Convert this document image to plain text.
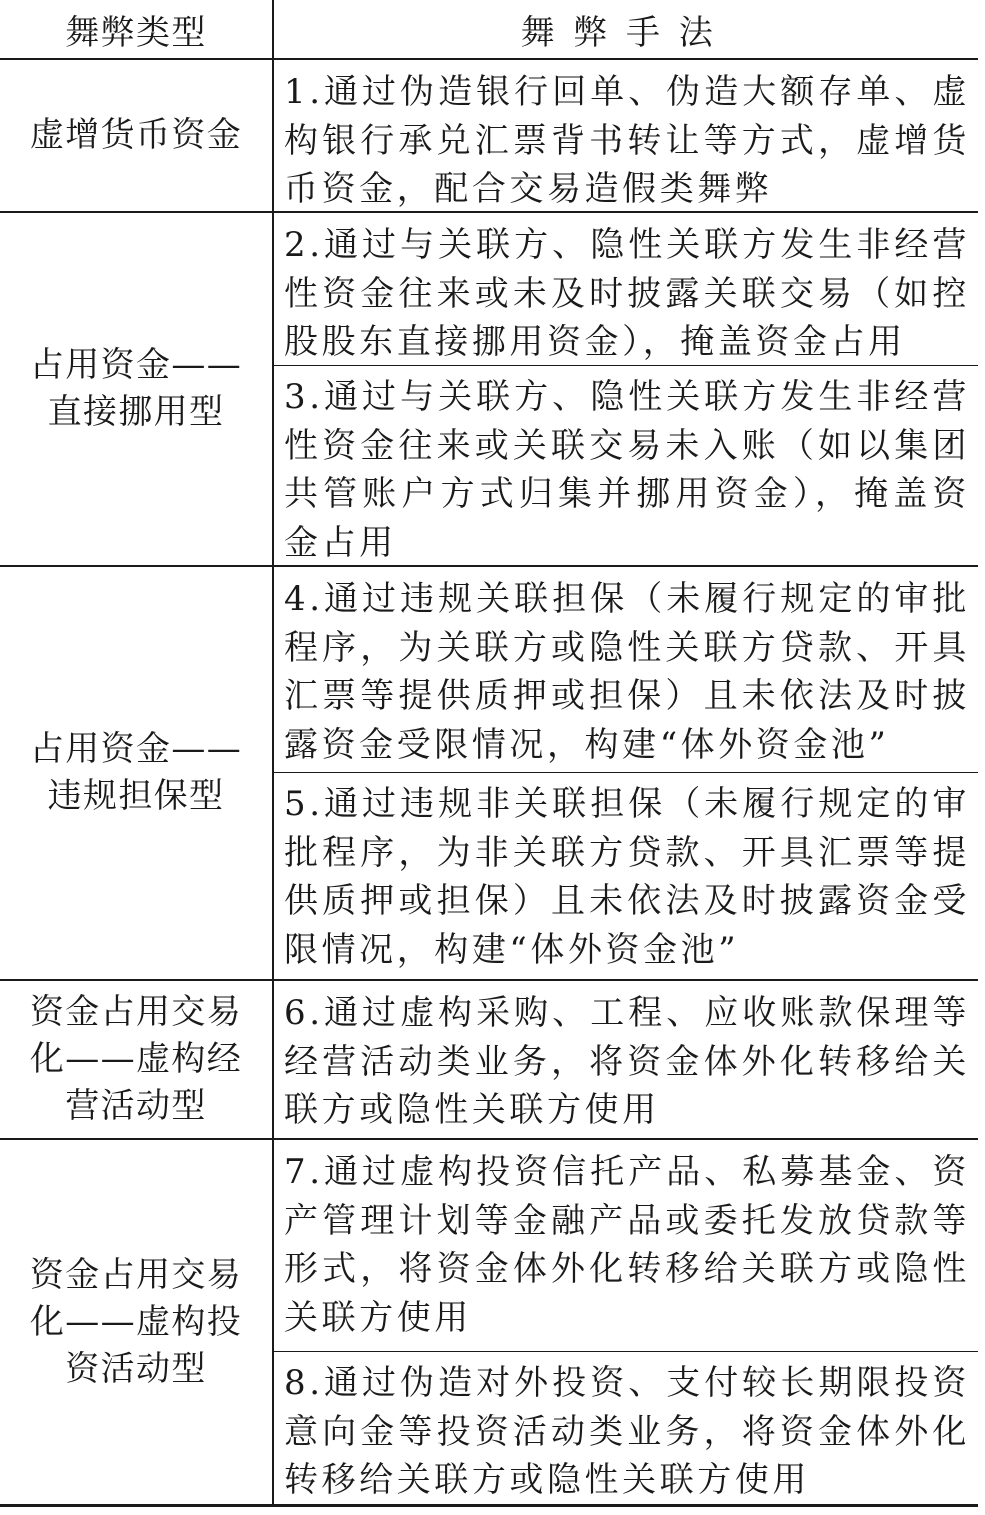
舞弊类型	舞弊手法
虚增货币资金
1.通过伪造银行回单、伪造大额存单、虚构银行承兑汇票背书转让等方式，虚增货币资金，配合交易造假类舞弊
占用资金——直接挪用型
2.通过与关联方、隐性关联方发生非经营性资金往来或未及时披露关联交易（如控股股东直接挪用资金），掩盖资金占用
3.通过与关联方、隐性关联方发生非经营性资金往来或关联交易未入账（如以集团共管账户方式归集并挪用资金），掩盖资金占用
占用资金——违规担保型
4.通过违规关联担保（未履行规定的审批程序，为关联方或隐性关联方贷款、开具汇票等提供质押或担保）且未依法及时披露资金受限情况，构建“体外资金池”
5.通过违规非关联担保（未履行规定的审批程序，为非关联方贷款、开具汇票等提供质押或担保）且未依法及时披露资金受限情况，构建“体外资金池”
资金占用交易化——虚构经营活动型
6.通过虚构采购、工程、应收账款保理等经营活动类业务，将资金体外化转移给关联方或隐性关联方使用
资金占用交易化——虚构投资活动型
7.通过虚构投资信托产品、私募基金、资产管理计划等金融产品或委托发放贷款等形式，将资金体外化转移给关联方或隐性关联方使用
8.通过伪造对外投资、支付较长期限投资意向金等投资活动类业务，将资金体外化转移给关联方或隐性关联方使用
